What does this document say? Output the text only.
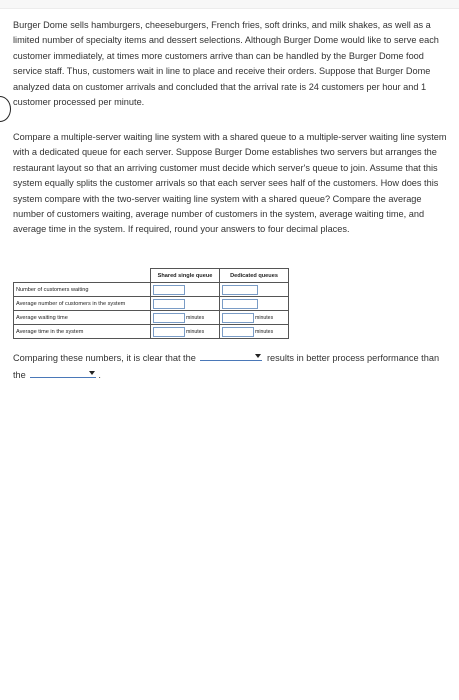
Burger Dome sells hamburgers, cheeseburgers, French fries, soft drinks, and milk shakes, as well as a limited number of specialty items and dessert selections. Although Burger Dome would like to serve each customer immediately, at times more customers arrive than can be handled by the Burger Dome food service staff. Thus, customers wait in line to place and receive their orders. Suppose that Burger Dome analyzed data on customer arrivals and concluded that the arrival rate is 24 customers per hour and 1 customer processed per minute.

Compare a multiple-server waiting line system with a shared queue to a multiple-server waiting line system with a dedicated queue for each server. Suppose Burger Dome establishes two servers but arranges the restaurant layout so that an arriving customer must decide which server's queue to join. Assume that this system equally splits the customer arrivals so that each server sees half of the customers. How does this system compare with the two-server waiting line system with a shared queue? Compare the average number of customers waiting, average number of customers in the system, average waiting time, and average time in the system. If required, round your answers to four decimal places.

	Shared single queue	Dedicated queues
Number of customers waiting		
Average number of customers in the system		
Average waiting time	minutes	minutes
Average time in the system	minutes	minutes
Comparing these numbers, it is clear that the	results in better process performance than the	.
